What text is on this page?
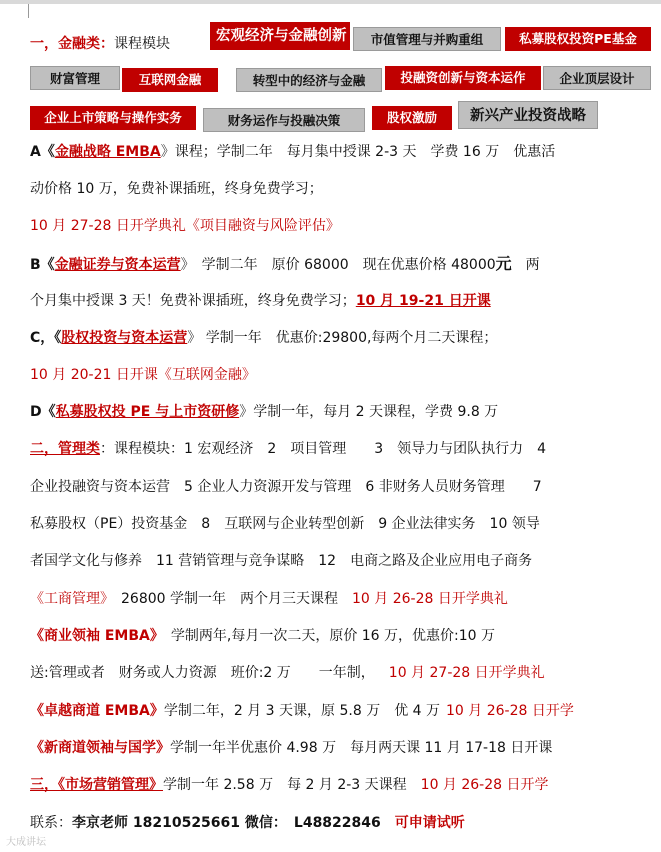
一，金融类：课程模块	宏观经济与金融创新	市值管理与并购重组	私募股权投资PE基金
财富管理	互联网金融	转型中的经济与金融	投融资创新与资本运作	企业顶层设计
企业上市策略与操作实务	财务运作与投融决策	股权激励	新兴产业投资战略
A《金融战略 EMBA》课程；学制二年　每月集中授课 2-3 天　学费 16 万　优惠活
动价格 10 万，免费补课插班，终身免费学习；
10 月 27-28 日开学典礼《项目融资与风险评估》
B《金融证券与资本运营》　学制二年　原价 68000　现在优惠价格 48000元　两
个月集中授课 3 天！免费补课插班，终身免费学习；10 月 19-21 日开课
C，《股权投资与资本运营》 学制一年　优惠价:29800,每两个月二天课程；
10 月 20-21 日开课《互联网金融》
D《私募股权投 PE 与上市资研修》学制一年，每月 2 天课程，学费 9.8 万
二，管理类：课程模块：1 宏观经济　2　项目管理　　3　领导力与团队执行力　4
企业投融资与资本运营　5 企业人力资源开发与管理　6 非财务人员财务管理　　7
私募股权（PE）投资基金　8　互联网与企业转型创新　9 企业法律实务　10 领导
者国学文化与修养　11 营销管理与竞争谋略　12　电商之路及企业应用电子商务
《工商管理》　26800 学制一年　两个月三天课程 10 月 26-28 日开学典礼
《商业领袖 EMBA》　学制两年,每月一次二天，原价 16 万，优惠价:10 万
送:管理或者　财务或人力资源　班价:2 万　　一年制， 10 月 27-28 日开学典礼
《卓越商道 EMBA》学制二年，2 月 3 天课，原 5.8 万　优 4 万 10 月 26-28 日开学
《新商道领袖与国学》学制一年半优惠价 4.98 万　每月两天课 11 月 17-18 日开课
三，《市场营销管理》学制一年 2.58 万　每 2 月 2-3 天课程 10 月 26-28 日开学
联系：李京老师 18210525661 微信：　L48822846 可申请试听
大成讲坛
